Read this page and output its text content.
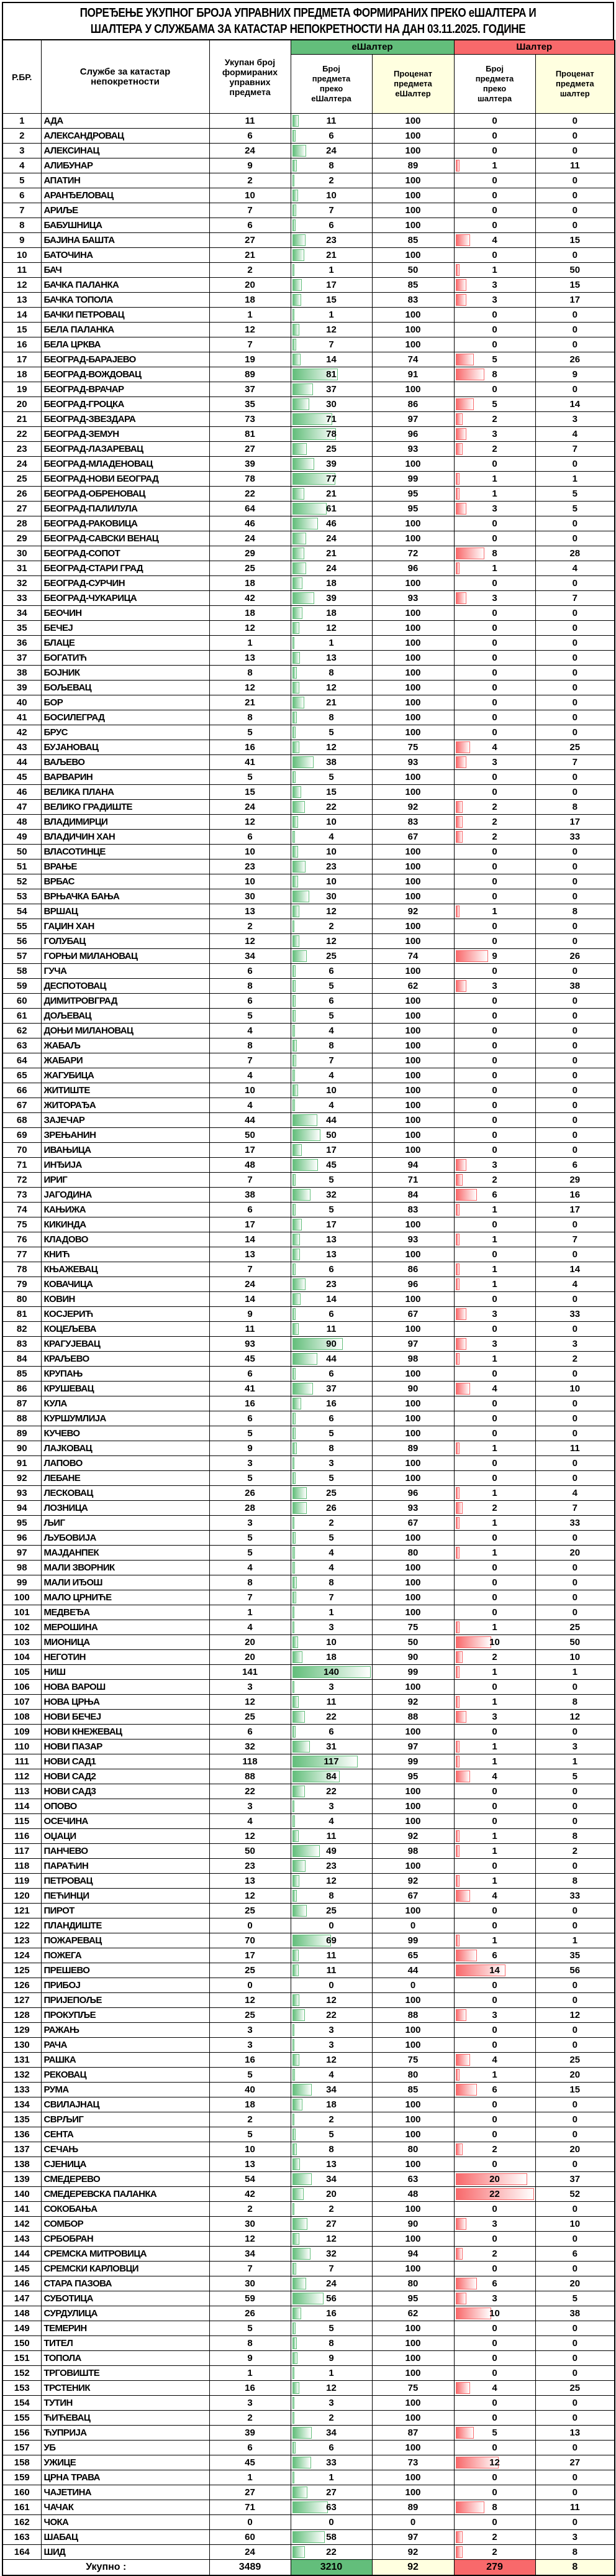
ПОРЕЂЕЊЕ УКУПНОГ БРОЈА УПРАВНИХ ПРЕДМЕТА ФОРМИРАНИХ ПРЕКО еШАЛТЕРА И
ШАЛТЕРА У СЛУЖБАМА ЗА КАТАСТАР НЕПОКРЕТНОСТИ НА ДАН 03.11.2025. ГОДИНЕ
Р.БР.	Службе за катастар непокретности	Укупан број формираних управних предмета	еШалтер		Шалтер	
			Број предмета преко еШалтера	Проценат предмета еШалтер	Број предмета преко шалтера	Проценат предмета шалтер
1	АДА	11	11	100	0	0
2	АЛЕКСАНДРОВАЦ	6	6	100	0	0
3	АЛЕКСИНАЦ	24	24	100	0	0
4	АЛИБУНАР	9	8	89	1	11
5	АПАТИН	2	2	100	0	0
6	АРАНЂЕЛОВАЦ	10	10	100	0	0
7	АРИЉЕ	7	7	100	0	0
8	БАБУШНИЦА	6	6	100	0	0
9	БАЈИНА БАШТА	27	23	85	4	15
10	БАТОЧИНА	21	21	100	0	0
11	БАЧ	2	1	50	1	50
12	БАЧКА ПАЛАНКА	20	17	85	3	15
13	БАЧКА ТОПОЛА	18	15	83	3	17
14	БАЧКИ ПЕТРОВАЦ	1	1	100	0	0
15	БЕЛА ПАЛАНКА	12	12	100	0	0
16	БЕЛА ЦРКВА	7	7	100	0	0
17	БЕОГРАД-БАРАЈЕВО	19	14	74	5	26
18	БЕОГРАД-ВОЖДОВАЦ	89	81	91	8	9
19	БЕОГРАД-ВРАЧАР	37	37	100	0	0
20	БЕОГРАД-ГРОЦКА	35	30	86	5	14
21	БЕОГРАД-ЗВЕЗДАРА	73	71	97	2	3
22	БЕОГРАД-ЗЕМУН	81	78	96	3	4
23	БЕОГРАД-ЛАЗАРЕВАЦ	27	25	93	2	7
24	БЕОГРАД-МЛАДЕНОВАЦ	39	39	100	0	0
25	БЕОГРАД-НОВИ БЕОГРАД	78	77	99	1	1
26	БЕОГРАД-ОБРЕНОВАЦ	22	21	95	1	5
27	БЕОГРАД-ПАЛИЛУЛА	64	61	95	3	5
28	БЕОГРАД-РАКОВИЦА	46	46	100	0	0
29	БЕОГРАД-САВСКИ ВЕНАЦ	24	24	100	0	0
30	БЕОГРАД-СОПОТ	29	21	72	8	28
31	БЕОГРАД-СТАРИ ГРАД	25	24	96	1	4
32	БЕОГРАД-СУРЧИН	18	18	100	0	0
33	БЕОГРАД-ЧУКАРИЦА	42	39	93	3	7
34	БЕОЧИН	18	18	100	0	0
35	БЕЧЕЈ	12	12	100	0	0
36	БЛАЦЕ	1	1	100	0	0
37	БОГАТИЋ	13	13	100	0	0
38	БОЈНИК	8	8	100	0	0
39	БОЉЕВАЦ	12	12	100	0	0
40	БОР	21	21	100	0	0
41	БОСИЛЕГРАД	8	8	100	0	0
42	БРУС	5	5	100	0	0
43	БУЈАНОВАЦ	16	12	75	4	25
44	ВАЉЕВО	41	38	93	3	7
45	ВАРВАРИН	5	5	100	0	0
46	ВЕЛИКА ПЛАНА	15	15	100	0	0
47	ВЕЛИКО ГРАДИШТЕ	24	22	92	2	8
48	ВЛАДИМИРЦИ	12	10	83	2	17
49	ВЛАДИЧИН ХАН	6	4	67	2	33
50	ВЛАСОТИНЦЕ	10	10	100	0	0
51	ВРАЊЕ	23	23	100	0	0
52	ВРБАС	10	10	100	0	0
53	ВРЊАЧКА БАЊА	30	30	100	0	0
54	ВРШАЦ	13	12	92	1	8
55	ГАЏИН ХАН	2	2	100	0	0
56	ГОЛУБАЦ	12	12	100	0	0
57	ГОРЊИ МИЛАНОВАЦ	34	25	74	9	26
58	ГУЧА	6	6	100	0	0
59	ДЕСПОТОВАЦ	8	5	62	3	38
60	ДИМИТРОВГРАД	6	6	100	0	0
61	ДОЉЕВАЦ	5	5	100	0	0
62	ДОЊИ МИЛАНОВАЦ	4	4	100	0	0
63	ЖАБАЉ	8	8	100	0	0
64	ЖАБАРИ	7	7	100	0	0
65	ЖАГУБИЦА	4	4	100	0	0
66	ЖИТИШТЕ	10	10	100	0	0
67	ЖИТОРАЂА	4	4	100	0	0
68	ЗАЈЕЧАР	44	44	100	0	0
69	ЗРЕЊАНИН	50	50	100	0	0
70	ИВАЊИЦА	17	17	100	0	0
71	ИНЂИЈА	48	45	94	3	6
72	ИРИГ	7	5	71	2	29
73	ЈАГОДИНА	38	32	84	6	16
74	КАЊИЖА	6	5	83	1	17
75	КИКИНДА	17	17	100	0	0
76	КЛАДОВО	14	13	93	1	7
77	КНИЋ	13	13	100	0	0
78	КЊАЖЕВАЦ	7	6	86	1	14
79	КОВАЧИЦА	24	23	96	1	4
80	КОВИН	14	14	100	0	0
81	КОСЈЕРИЋ	9	6	67	3	33
82	КОЦЕЉЕВА	11	11	100	0	0
83	КРАГУЈЕВАЦ	93	90	97	3	3
84	КРАЉЕВО	45	44	98	1	2
85	КРУПАЊ	6	6	100	0	0
86	КРУШЕВАЦ	41	37	90	4	10
87	КУЛА	16	16	100	0	0
88	КУРШУМЛИЈА	6	6	100	0	0
89	КУЧЕВО	5	5	100	0	0
90	ЛАЈКОВАЦ	9	8	89	1	11
91	ЛАПОВО	3	3	100	0	0
92	ЛЕБАНЕ	5	5	100	0	0
93	ЛЕСКОВАЦ	26	25	96	1	4
94	ЛОЗНИЦА	28	26	93	2	7
95	ЉИГ	3	2	67	1	33
96	ЉУБОВИЈА	5	5	100	0	0
97	МАЈДАНПЕК	5	4	80	1	20
98	МАЛИ ЗВОРНИК	4	4	100	0	0
99	МАЛИ ИЂОШ	8	8	100	0	0
100	МАЛО ЦРНИЋЕ	7	7	100	0	0
101	МЕДВЕЂА	1	1	100	0	0
102	МЕРОШИНА	4	3	75	1	25
103	МИОНИЦА	20	10	50	10	50
104	НЕГОТИН	20	18	90	2	10
105	НИШ	141	140	99	1	1
106	НОВА ВАРОШ	3	3	100	0	0
107	НОВА ЦРЊА	12	11	92	1	8
108	НОВИ БЕЧЕЈ	25	22	88	3	12
109	НОВИ КНЕЖЕВАЦ	6	6	100	0	0
110	НОВИ ПАЗАР	32	31	97	1	3
111	НОВИ САД1	118	117	99	1	1
112	НОВИ САД2	88	84	95	4	5
113	НОВИ САД3	22	22	100	0	0
114	ОПОВО	3	3	100	0	0
115	ОСЕЧИНА	4	4	100	0	0
116	ОЏАЦИ	12	11	92	1	8
117	ПАНЧЕВО	50	49	98	1	2
118	ПАРАЋИН	23	23	100	0	0
119	ПЕТРОВАЦ	13	12	92	1	8
120	ПЕЋИНЦИ	12	8	67	4	33
121	ПИРОТ	25	25	100	0	0
122	ПЛАНДИШТЕ	0	0	0	0	0
123	ПОЖАРЕВАЦ	70	69	99	1	1
124	ПОЖЕГА	17	11	65	6	35
125	ПРЕШЕВО	25	11	44	14	56
126	ПРИБОЈ	0	0	0	0	0
127	ПРИЈЕПОЉЕ	12	12	100	0	0
128	ПРОКУПЉЕ	25	22	88	3	12
129	РАЖАЊ	3	3	100	0	0
130	РАЧА	3	3	100	0	0
131	РАШКА	16	12	75	4	25
132	РЕКОВАЦ	5	4	80	1	20
133	РУМА	40	34	85	6	15
134	СВИЛАЈНАЦ	18	18	100	0	0
135	СВРЉИГ	2	2	100	0	0
136	СЕНТА	5	5	100	0	0
137	СЕЧАЊ	10	8	80	2	20
138	СЈЕНИЦА	13	13	100	0	0
139	СМЕДЕРЕВО	54	34	63	20	37
140	СМЕДЕРЕВСКА ПАЛАНКА	42	20	48	22	52
141	СОКОБАЊА	2	2	100	0	0
142	СОМБОР	30	27	90	3	10
143	СРБОБРАН	12	12	100	0	0
144	СРЕМСКА МИТРОВИЦА	34	32	94	2	6
145	СРЕМСКИ КАРЛОВЦИ	7	7	100	0	0
146	СТАРА ПАЗОВА	30	24	80	6	20
147	СУБОТИЦА	59	56	95	3	5
148	СУРДУЛИЦА	26	16	62	10	38
149	ТЕМЕРИН	5	5	100	0	0
150	ТИТЕЛ	8	8	100	0	0
151	ТОПОЛА	9	9	100	0	0
152	ТРГОВИШТЕ	1	1	100	0	0
153	ТРСТЕНИК	16	12	75	4	25
154	ТУТИН	3	3	100	0	0
155	ЋИЋЕВАЦ	2	2	100	0	0
156	ЋУПРИЈА	39	34	87	5	13
157	УБ	6	6	100	0	0
158	УЖИЦЕ	45	33	73	12	27
159	ЦРНА ТРАВА	1	1	100	0	0
160	ЧАЈЕТИНА	27	27	100	0	0
161	ЧАЧАК	71	63	89	8	11
162	ЧОКА	0	0	0	0	0
163	ШАБАЦ	60	58	97	2	3
164	ШИД	24	22	92	2	8
Укупно :		3489	3210	92	279	8
